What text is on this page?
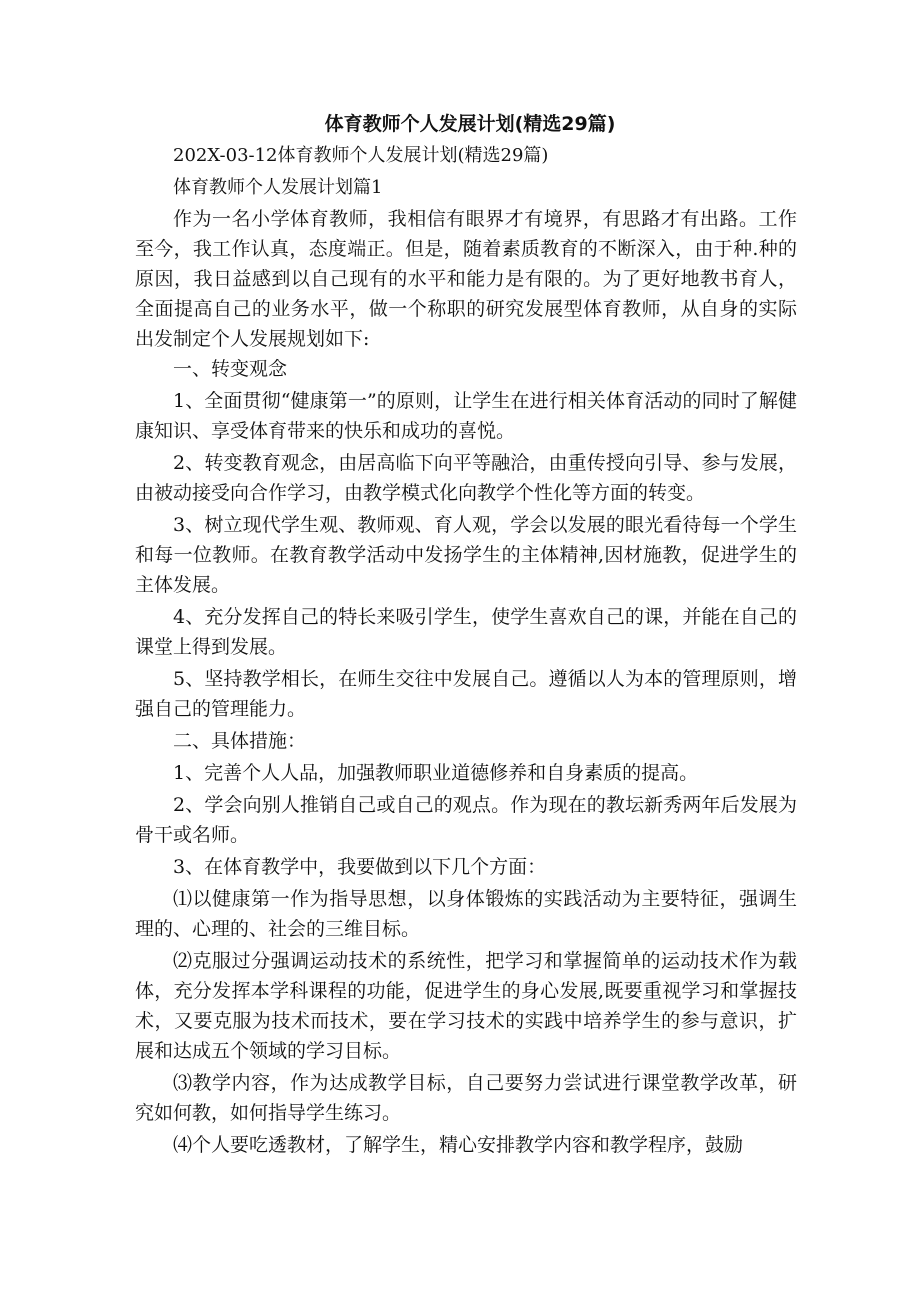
体育教师个人发展计划(精选29篇)
202X-03-12体育教师个人发展计划(精选29篇)
体育教师个人发展计划篇1

作为一名小学体育教师，我相信有眼界才有境界，有思路才有出路。工作至今，我工作认真，态度端正。但是，随着素质教育的不断深入，由于种.种的原因，我日益感到以自己现有的水平和能力是有限的。为了更好地教书育人，全面提高自己的业务水平，做一个称职的研究发展型体育教师，从自身的实际出发制定个人发展规划如下:

一、转变观念

1、全面贯彻“健康第一”的原则，让学生在进行相关体育活动的同时了解健康知识、享受体育带来的快乐和成功的喜悦。

2、转变教育观念，由居高临下向平等融洽，由重传授向引导、参与发展，由被动接受向合作学习，由教学模式化向教学个性化等方面的转变。

3、树立现代学生观、教师观、育人观，学会以发展的眼光看待每一个学生和每一位教师。在教育教学活动中发扬学生的主体精神,因材施教，促进学生的主体发展。

4、充分发挥自己的特长来吸引学生，使学生喜欢自己的课，并能在自己的课堂上得到发展。

5、坚持教学相长，在师生交往中发展自己。遵循以人为本的管理原则，增强自己的管理能力。

二、具体措施：

1、完善个人人品，加强教师职业道德修养和自身素质的提高。

2、学会向别人推销自己或自己的观点。作为现在的教坛新秀两年后发展为骨干或名师。

3、在体育教学中，我要做到以下几个方面：

⑴以健康第一作为指导思想，以身体锻炼的实践活动为主要特征，强调生理的、心理的、社会的三维目标。

⑵克服过分强调运动技术的系统性，把学习和掌握简单的运动技术作为载体，充分发挥本学科课程的功能，促进学生的身心发展,既要重视学习和掌握技术，又要克服为技术而技术，要在学习技术的实践中培养学生的参与意识，扩展和达成五个领域的学习目标。

⑶教学内容，作为达成教学目标，自己要努力尝试进行课堂教学改革，研究如何教，如何指导学生练习。

⑷个人要吃透教材，了解学生，精心安排教学内容和教学程序，鼓励
